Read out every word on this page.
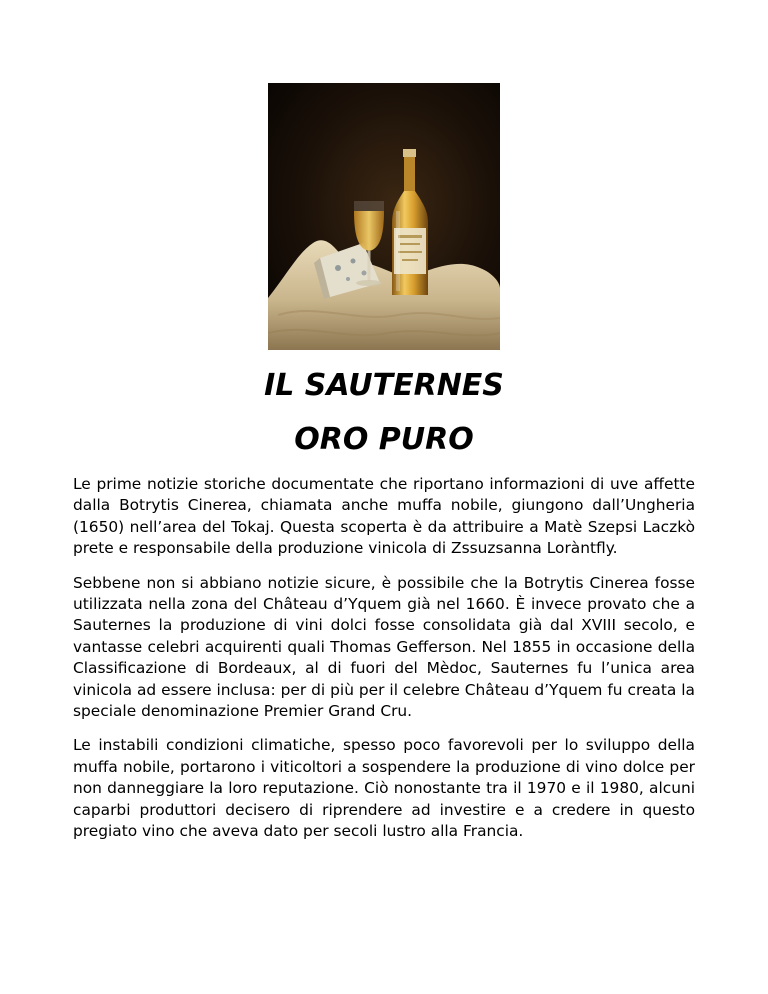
IL SAUTERNES
ORO PURO

Le prime notizie storiche documentate che riportano informazioni di uve affette dalla Botrytis Cinerea, chiamata anche muffa nobile, giungono dall’Ungheria (1650) nell’area del Tokaj. Questa scoperta è da attribuire a Matè Szepsi Laczkò prete e responsabile della produzione vinicola di Zssuzsanna Loràntfly.

Sebbene non si abbiano notizie sicure, è possibile che la Botrytis Cinerea fosse utilizzata nella zona del Château d’Yquem già nel 1660. È invece provato che a Sauternes la produzione di vini dolci fosse consolidata già dal XVIII secolo, e vantasse celebri acquirenti quali Thomas Gefferson. Nel 1855 in occasione della Classificazione di Bordeaux, al di fuori del Mèdoc, Sauternes fu l’unica area vinicola ad essere inclusa: per di più per il celebre Château d’Yquem fu creata la speciale denominazione Premier Grand Cru.

Le instabili condizioni climatiche, spesso poco favorevoli per lo sviluppo della muffa nobile, portarono i viticoltori a sospendere la produzione di vino dolce per non danneggiare la loro reputazione. Ciò nonostante tra il 1970 e il 1980, alcuni caparbi produttori decisero di riprendere ad investire e a credere in questo pregiato vino che aveva dato per secoli lustro alla Francia.
